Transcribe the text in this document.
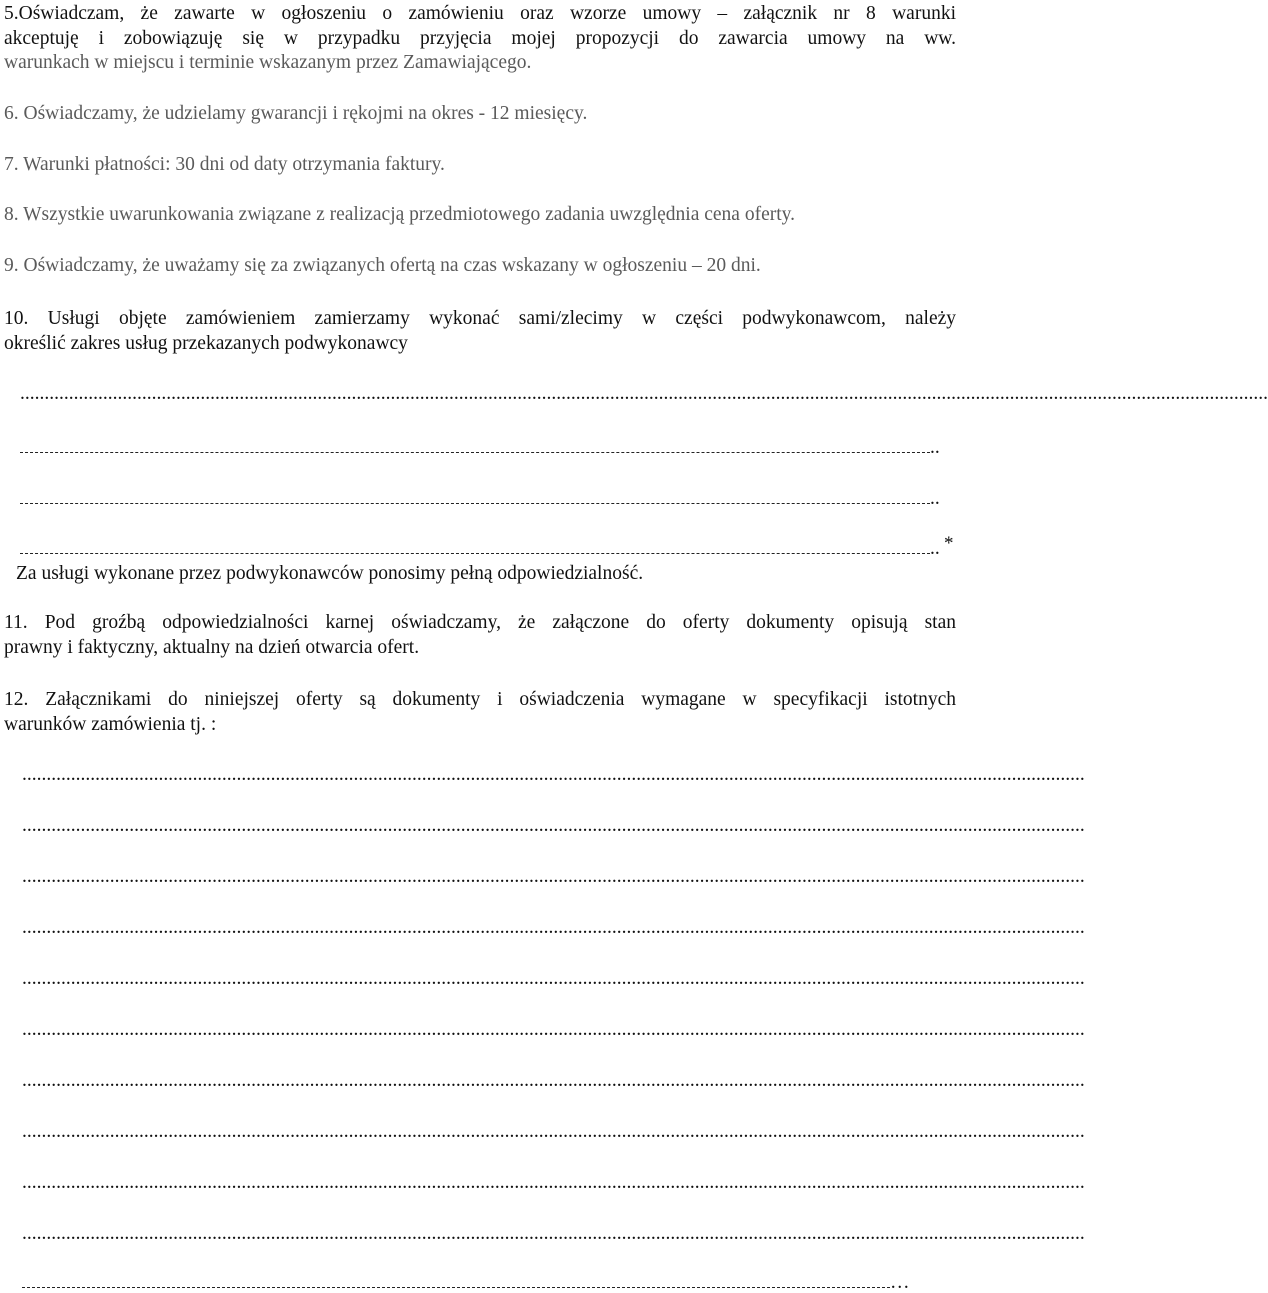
5.Oświadczam, że zawarte w ogłoszeniu o zamówieniu oraz wzorze umowy – załącznik nr 8 warunki
akceptuję i zobowiązuję się w przypadku przyjęcia mojej propozycji do zawarcia umowy na ww.
warunkach w miejscu i terminie wskazanym przez Zamawiającego.
6. Oświadczamy, że udzielamy gwarancji i rękojmi na okres - 12 miesięcy.
7. Warunki płatności: 30 dni od daty otrzymania faktury.
8. Wszystkie uwarunkowania związane z realizacją przedmiotowego zadania uwzględnia cena oferty.
9. Oświadczamy, że uważamy się za związanych ofertą na czas wskazany w ogłoszeniu – 20 dni.
10. Usługi objęte zamówieniem zamierzamy wykonać sami/zlecimy w części podwykonawcom, należy
określić zakres usług przekazanych podwykonawcy
................................................................................................................................................................................................................................................................
..
..
.. *
Za usługi wykonane przez podwykonawców ponosimy pełną odpowiedzialność.
11. Pod groźbą odpowiedzialności karnej oświadczamy, że załączone do oferty dokumenty opisują stan
prawny i faktyczny, aktualny na dzień otwarcia ofert.
12. Załącznikami do niniejszej oferty są dokumenty i oświadczenia wymagane w specyfikacji istotnych
warunków zamówienia tj. :
..........................................................................................................................................................................................................................
..........................................................................................................................................................................................................................
..........................................................................................................................................................................................................................
..........................................................................................................................................................................................................................
..........................................................................................................................................................................................................................
..........................................................................................................................................................................................................................
..........................................................................................................................................................................................................................
..........................................................................................................................................................................................................................
..........................................................................................................................................................................................................................
..........................................................................................................................................................................................................................
…
